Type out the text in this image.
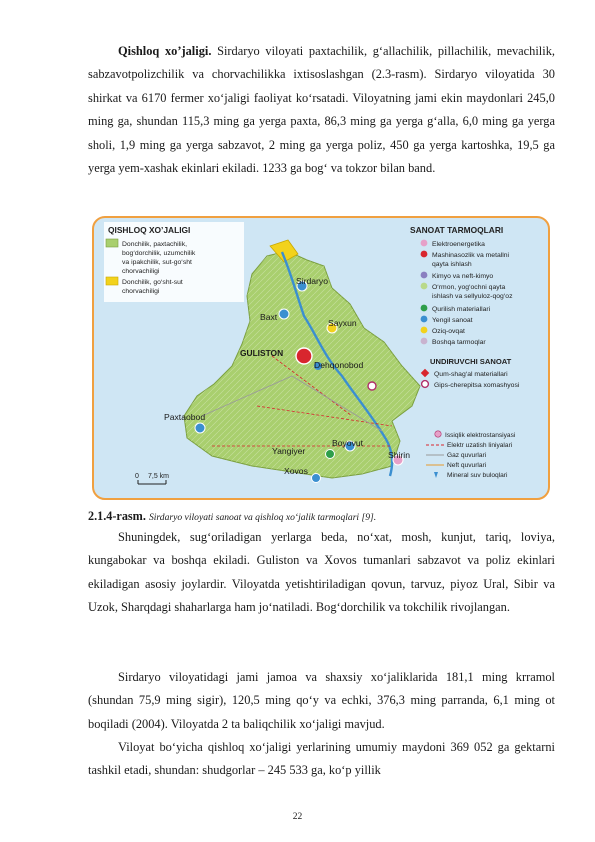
Qishloq xo’jaligi. Sirdaryo viloyati paxtachilik, g‘allachilik, pillachilik, mevachilik, sabzavotpolizchilik va chorvachilikka ixtisoslashgan (2.3-rasm). Sirdaryo viloyatida 30 shirkat va 6170 fermer xo‘jaligi faoliyat ko‘rsatadi. Viloyatning jami ekin maydonlari 245,0 ming ga, shundan 115,3 ming ga yerga paxta, 86,3 ming ga yerga g‘alla, 6,0 ming ga yerga sholi, 1,9 ming ga yerga sabzavot, 2 ming ga yerga poliz, 450 ga yerga kartoshka, 19,5 ga yerga yem-xashak ekinlari ekiladi. 1233 ga bog‘ va tokzor bilan band.

QISHLOQ XO’JALIGI
Donchilik, paxtachilik,
bog‘dorchilik, uzumchilik
va ipakchilik, sut-go‘sht
chorvachiligi
Donchilik, go‘sht-sut
chorvachiligi
SANOAT TARMOQLARI
Elektroenergetika
Mashinasozlik va metallni
qayta ishlash
Kimyo va neft-kimyo
O‘rmon, yog‘ochni qayta
ishlash va sellyuloz-qog‘oz
Qurilish materiallari
Yengil sanoat
Oziq-ovqat
Boshqa tarmoqlar
UNDIRUVCHI SANOAT
Qum-shag‘al materiallari
Gips-cherepitsa xomashyosi
Issiqlik elektrostansiyasi
Elektr uzatish liniyalari
Gaz quvurlari
Neft quvurlari
Mineral suv buloqlari
Sirdaryo
Baxt
Sayxun
GULISTON
Dehqonobod
Paxtaobod
Boyovut
Yangiyer	Shirin
Xovos
0 7,5 km
2.1.4-rasm. Sirdaryo viloyati sanoat va qishloq xo‘jalik tarmoqlari [9].

Shuningdek, sug‘oriladigan yerlarga beda, no‘xat, mosh, kunjut, tariq, loviya, kungabokar va boshqa ekiladi. Guliston va Xovos tumanlari sabzavot va poliz ekinlari ekiladigan asosiy joylardir. Viloyatda yetishtiriladigan qovun, tarvuz, piyoz Ural, Sibir va Uzok, Sharqdagi shaharlarga ham jo‘natiladi. Bog‘dorchilik va tokchilik rivojlangan.

Sirdaryo viloyatidagi jami jamoa va shaxsiy xo‘jaliklarida 181,1 ming krramol (shundan 75,9 ming sigir), 120,5 ming qo‘y va echki, 376,3 ming parranda, 6,1 ming ot boqiladi (2004). Viloyatda 2 ta baliqchilik xo‘jaligi mavjud.

Viloyat bo‘yicha qishloq xo‘jaligi yerlarining umumiy maydoni 369 052 ga gektarni tashkil etadi, shundan: shudgorlar – 245 533 ga, ko‘p yillik

22
